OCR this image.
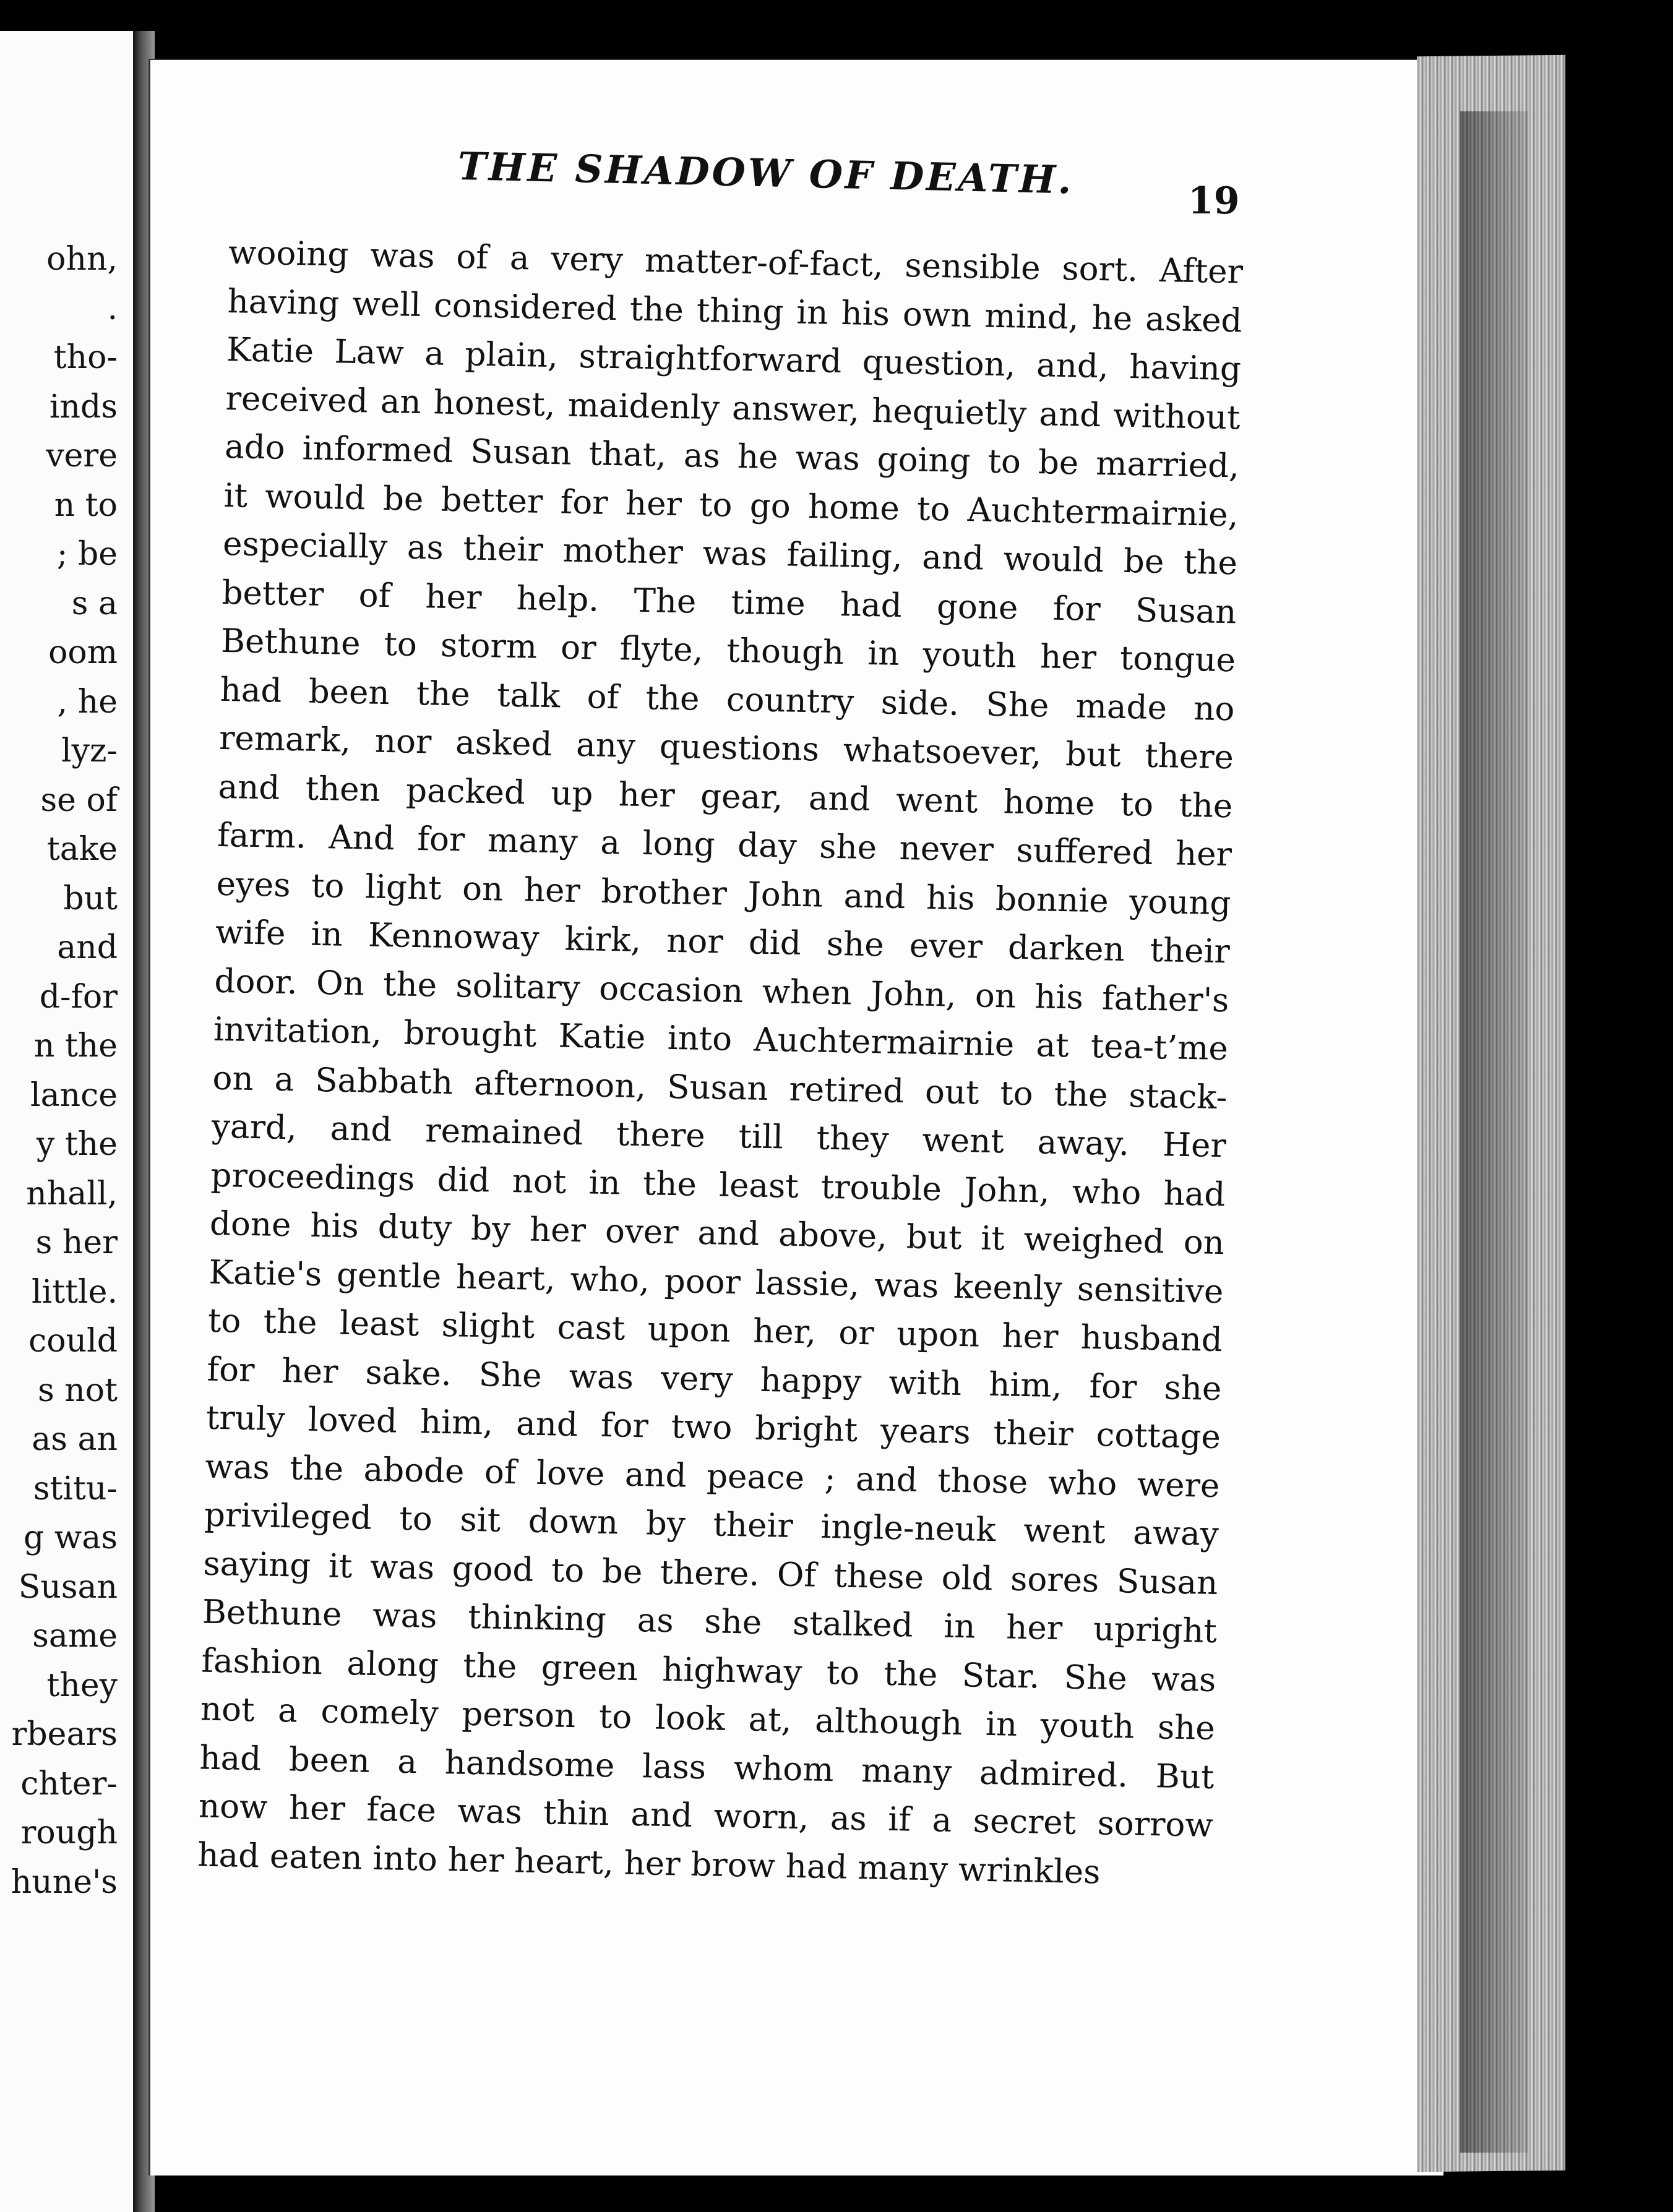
ohn,
.
tho-
inds
vere
n to
; be
s a
oom
, he
lyz-
se of
take
but
and
d-for
n the
lance
y the
nhall,
s her
little.
could
s not
as an
stitu-
g was
Susan
same
they
rbears
chter-
rough
hune's
THE SHADOW OF DEATH.	19
wooing was of a very matter-of-fact, sensible sort. After
having well considered the thing in his own mind, he asked
Katie Law a plain, straightforward question, and, having
received an honest, maidenly answer, hequietly and without
ado informed Susan that, as he was going to be married,
it would be better for her to go home to Auchtermairnie,
especially as their mother was failing, and would be the
better of her help. The time had gone for Susan
Bethune to storm or flyte, though in youth her tongue
had been the talk of the country side. She made no
remark, nor asked any questions whatsoever, but there
and then packed up her gear, and went home to the
farm. And for many a long day she never suffered her
eyes to light on her brother John and his bonnie young
wife in Kennoway kirk, nor did she ever darken their
door. On the solitary occasion when John, on his father's
invitation, brought Katie into Auchtermairnie at tea-t’me
on a Sabbath afternoon, Susan retired out to the stack-
yard, and remained there till they went away. Her
proceedings did not in the least trouble John, who had
done his duty by her over and above, but it weighed on
Katie's gentle heart, who, poor lassie, was keenly sensitive
to the least slight cast upon her, or upon her husband
for her sake. She was very happy with him, for she
truly loved him, and for two bright years their cottage
was the abode of love and peace ; and those who were
privileged to sit down by their ingle-neuk went away
saying it was good to be there. Of these old sores Susan
Bethune was thinking as she stalked in her upright
fashion along the green highway to the Star. She was
not a comely person to look at, although in youth she
had been a handsome lass whom many admired. But
now her face was thin and worn, as if a secret sorrow
had eaten into her heart, her brow had many wrinkles
